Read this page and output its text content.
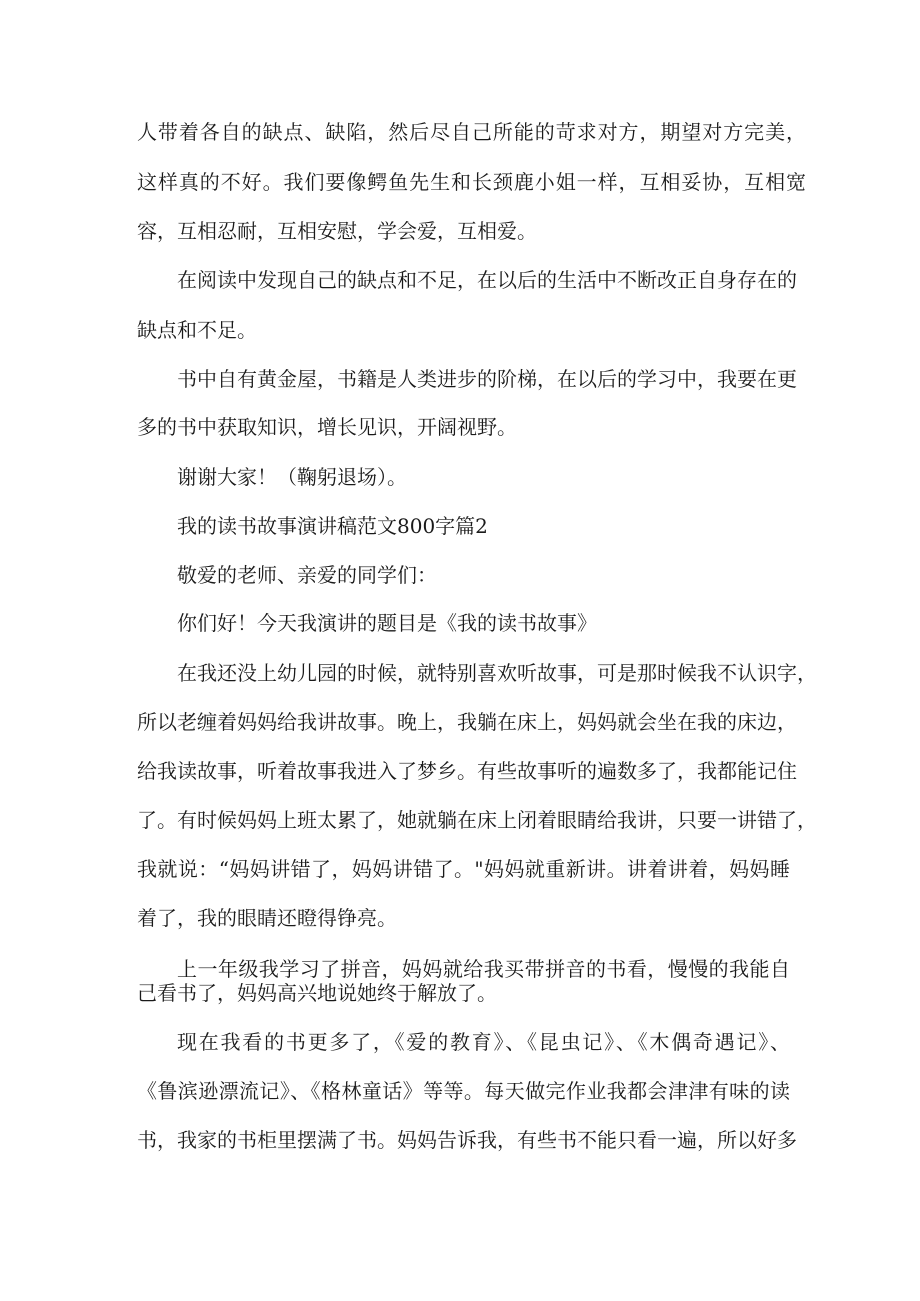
人带着各自的缺点、缺陷，然后尽自己所能的苛求对方，期望对方完美，
这样真的不好。我们要像鳄鱼先生和长颈鹿小姐一样，互相妥协，互相宽
容，互相忍耐，互相安慰，学会爱，互相爱。
在阅读中发现自己的缺点和不足，在以后的生活中不断改正自身存在的
缺点和不足。
书中自有黄金屋，书籍是人类进步的阶梯，在以后的学习中，我要在更
多的书中获取知识，增长见识，开阔视野。
谢谢大家！（鞠躬退场）。
我的读书故事演讲稿范文800字篇2
敬爱的老师、亲爱的同学们：
你们好！今天我演讲的题目是《我的读书故事》
在我还没上幼儿园的时候，就特别喜欢听故事，可是那时候我不认识字，
所以老缠着妈妈给我讲故事。晚上，我躺在床上，妈妈就会坐在我的床边，
给我读故事，听着故事我进入了梦乡。有些故事听的遍数多了，我都能记住
了。有时候妈妈上班太累了，她就躺在床上闭着眼睛给我讲，只要一讲错了，
我就说：“妈妈讲错了，妈妈讲错了。"妈妈就重新讲。讲着讲着，妈妈睡
着了，我的眼睛还瞪得铮亮。
上一年级我学习了拼音，妈妈就给我买带拼音的书看，慢慢的我能自
己看书了，妈妈高兴地说她终于解放了。
现在我看的书更多了，《爱的教育》、《昆虫记》、《木偶奇遇记》、
《鲁滨逊漂流记》、《格林童话》等等。每天做完作业我都会津津有味的读
书，我家的书柜里摆满了书。妈妈告诉我，有些书不能只看一遍，所以好多
